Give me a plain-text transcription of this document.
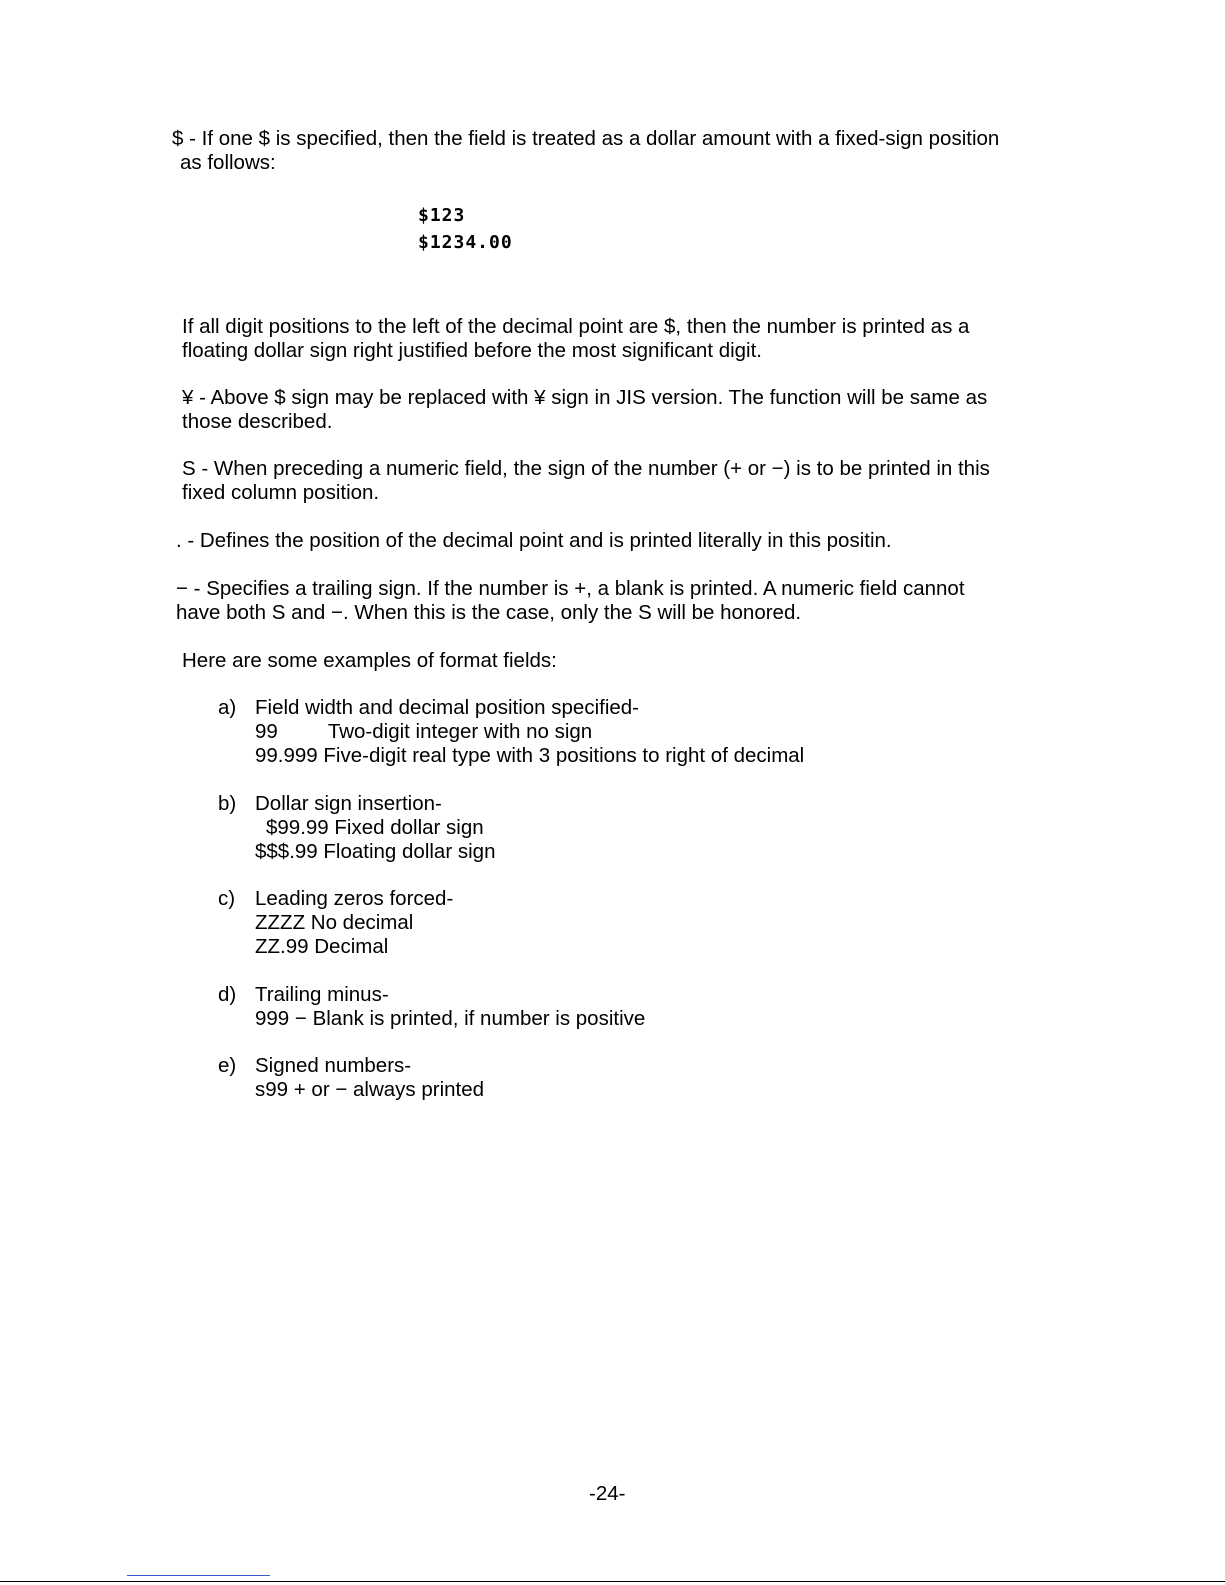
$ - If one $ is specified, then the field is treated as a dollar amount with a fixed-sign position
as follows:
$123
$1234.00
If all digit positions to the left of the decimal point are $, then the number is printed as a
floating dollar sign right justified before the most significant digit.
¥ - Above $ sign may be replaced with ¥ sign in JIS version. The function will be same as
those described.
S - When preceding a numeric field, the sign of the number (+ or −) is to be printed in this
fixed column position.
. - Defines the position of the decimal point and is printed literally in this positin.
− - Specifies a trailing sign. If the number is +, a blank is printed. A numeric field cannot
have both S and −. When this is the case, only the S will be honored.
Here are some examples of format fields:
a) Field width and decimal position specified-
99 Two-digit integer with no sign
99.999 Five-digit real type with 3 positions to right of decimal
b) Dollar sign insertion-
$99.99 Fixed dollar sign
$$$.99 Floating dollar sign
c) Leading zeros forced-
ZZZZ No decimal
ZZ.99 Decimal
d) Trailing minus-
999 − Blank is printed, if number is positive
e) Signed numbers-
s99 + or − always printed
-24-
